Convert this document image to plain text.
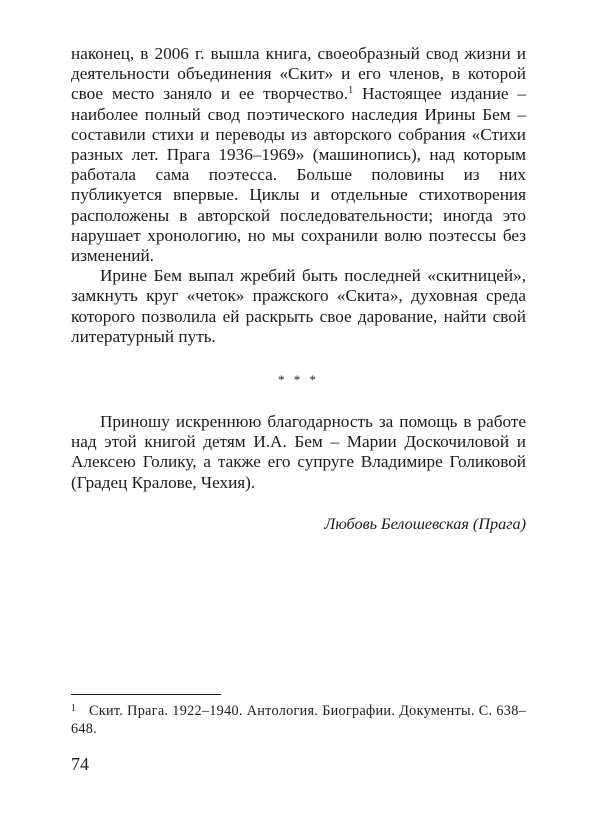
наконец, в 2006 г. вышла книга, своеобразный свод жизни и деятельности объединения «Скит» и его членов, в которой свое место заняло и ее творчество.$^1$ Настоящее издание – наиболее полный свод поэтического наследия Ирины Бем – составили стихи и переводы из авторского собрания «Стихи разных лет. Прага 1936–1969» (машинопись), над которым работала сама поэтесса. Больше половины из них публикуется впервые. Циклы и отдельные стихотворения расположены в авторской последовательности; иногда это нарушает хронологию, но мы сохранили волю поэтессы без изменений.

Ирине Бем выпал жребий быть последней «скитницей», замкнуть круг «четок» пражского «Скита», духовная среда которого позволила ей раскрыть свое дарование, найти свой литературный путь.

* * *

Приношу искреннюю благодарность за помощь в работе над этой книгой детям И.А. Бем – Марии Доскочиловой и Алексею Голику, а также его супруге Владимире Голиковой (Градец Кралове, Чехия).

Любовь Белошевская (Прага)
1 Скит. Прага. 1922–1940. Антология. Биографии. Документы. С. 638–648.
74
